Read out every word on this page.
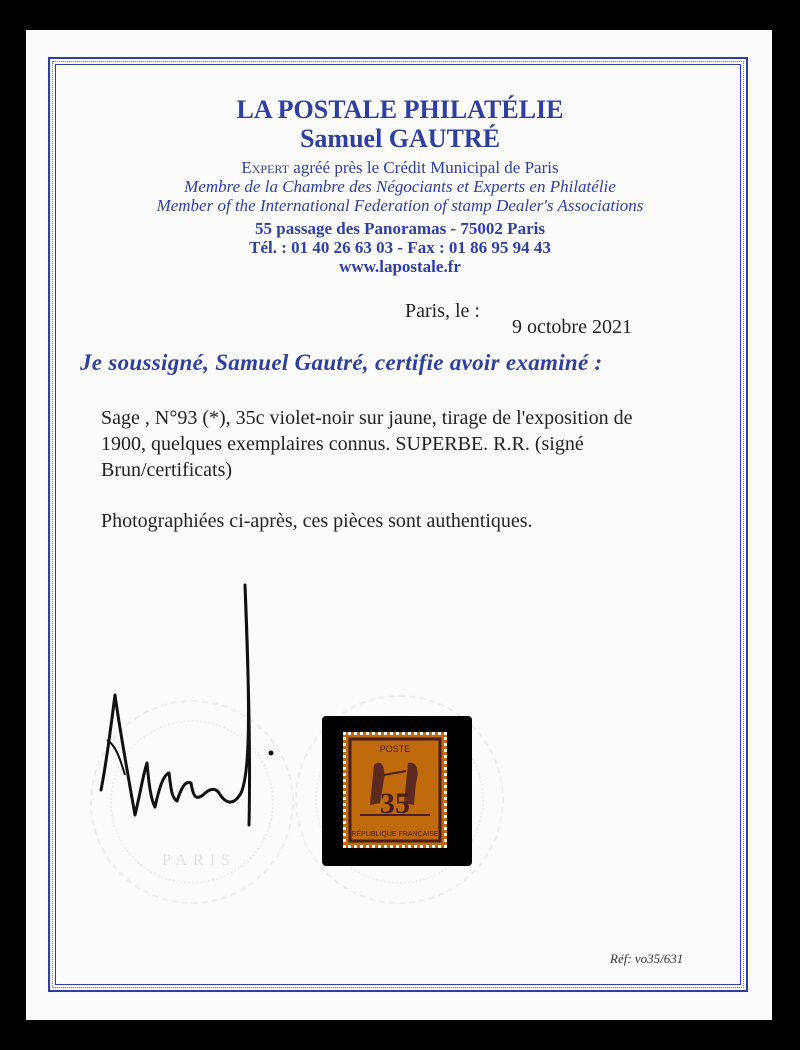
LA POSTALE PHILATÉLIE
Samuel GAUTRÉ
Expert agréé près le Crédit Municipal de Paris
Membre de la Chambre des Négociants et Experts en Philatélie
Member of the International Federation of stamp Dealer's Associations
55 passage des Panoramas - 75002 Paris
Tél. : 01 40 26 63 03 - Fax : 01 86 95 94 43
www.lapostale.fr
Paris, le :
9 octobre 2021
Je soussigné, Samuel Gautré, certifie avoir examiné :
Sage , N°93 (*), 35c violet-noir sur jaune, tirage de l'exposition de
1900, quelques exemplaires connus. SUPERBE. R.R. (signé
Brun/certificats)
Photographiées ci-après, ces pièces sont authentiques.
PARIS
POSTE
35
RÉPUBLIQUE FRANÇAISE
Réf: vo35/631
